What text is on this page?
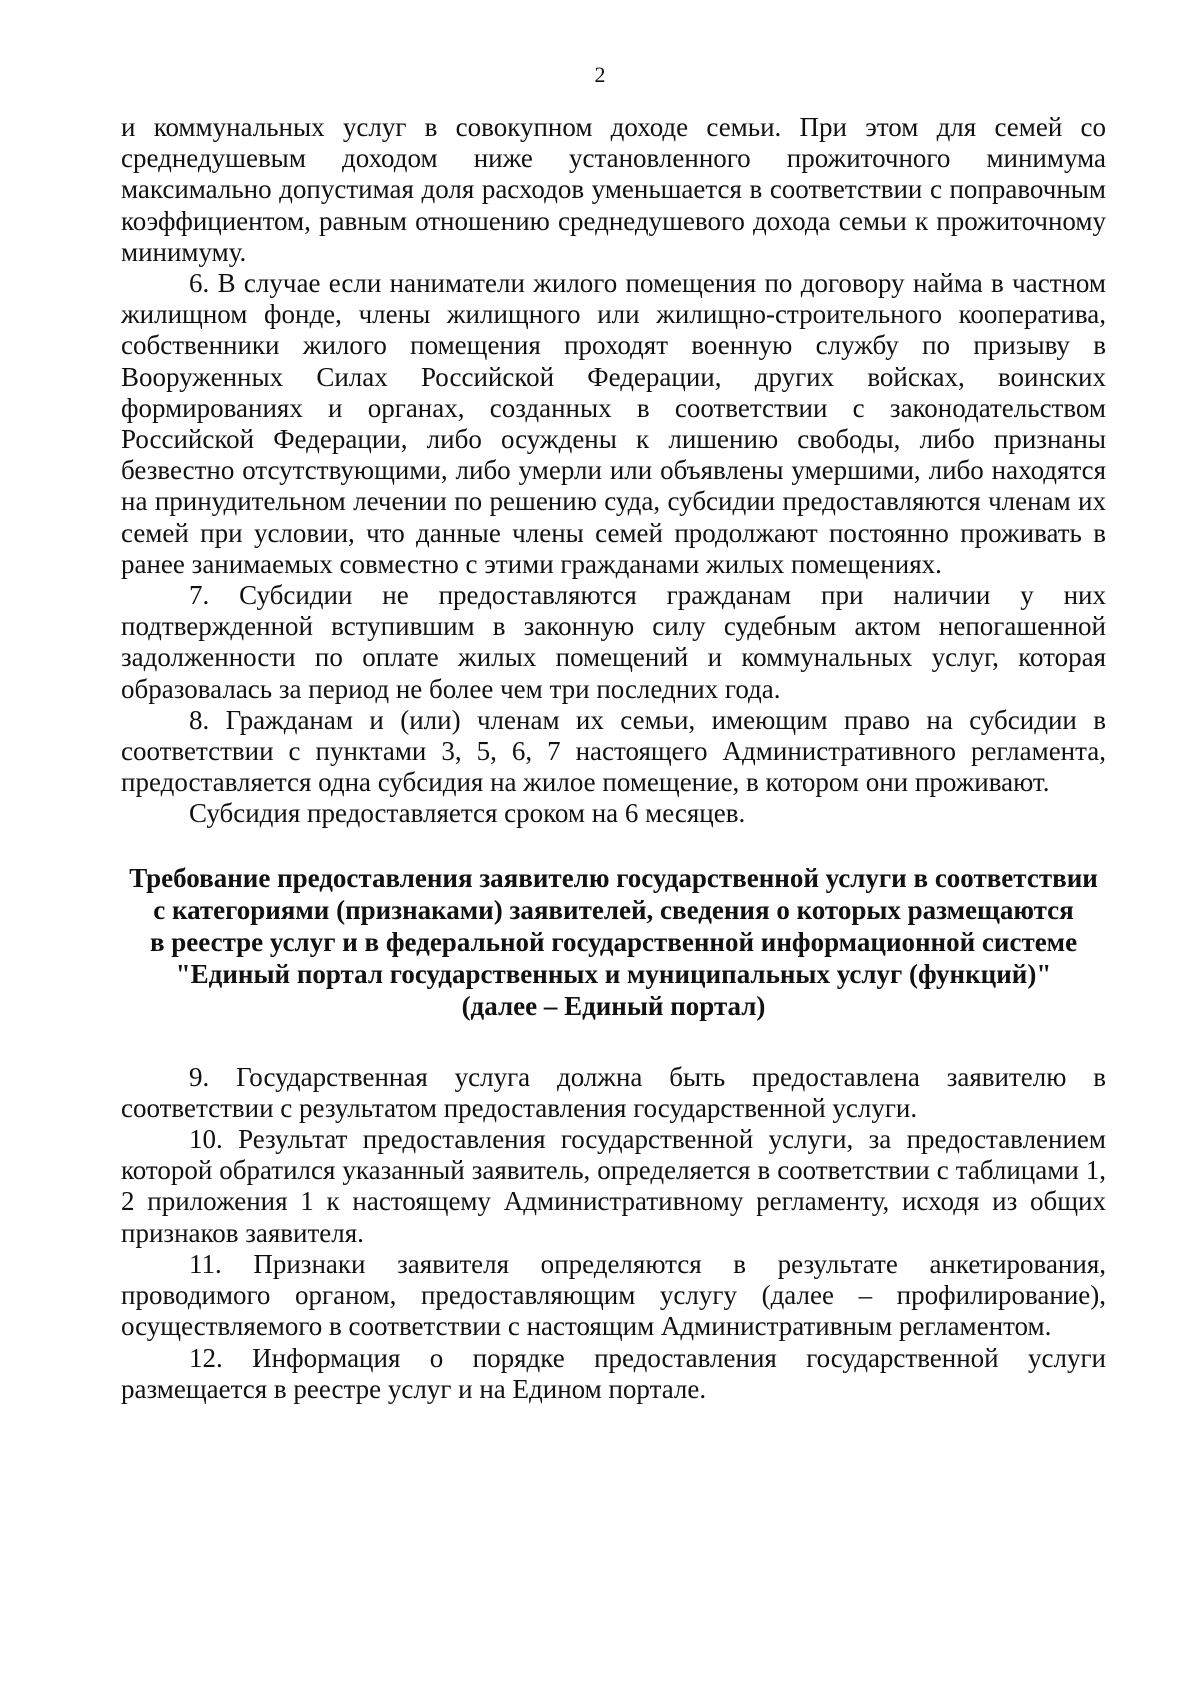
2

и коммунальных услуг в совокупном доходе семьи. При этом для семей со среднедушевым доходом ниже установленного прожиточного минимума максимально допустимая доля расходов уменьшается в соответствии с поправочным коэффициентом, равным отношению среднедушевого дохода семьи к прожиточному минимуму.

6. В случае если наниматели жилого помещения по договору найма в частном жилищном фонде, члены жилищного или жилищно-строительного кооператива, собственники жилого помещения проходят военную службу по призыву в Вооруженных Силах Российской Федерации, других войсках, воинских формированиях и органах, созданных в соответствии с законодательством Российской Федерации, либо осуждены к лишению свободы, либо признаны безвестно отсутствующими, либо умерли или объявлены умершими, либо находятся на принудительном лечении по решению суда, субсидии предоставляются членам их семей при условии, что данные члены семей продолжают постоянно проживать в ранее занимаемых совместно с этими гражданами жилых помещениях.

7. Субсидии не предоставляются гражданам при наличии у них подтвержденной вступившим в законную силу судебным актом непогашенной задолженности по оплате жилых помещений и коммунальных услуг, которая образовалась за период не более чем три последних года.

8. Гражданам и (или) членам их семьи, имеющим право на субсидии в соответствии с пунктами 3, 5, 6, 7 настоящего Административного регламента, предоставляется одна субсидия на жилое помещение, в котором они проживают.

Субсидия предоставляется сроком на 6 месяцев.

Требование предоставления заявителю государственной услуги в соответствии
с категориями (признаками) заявителей, сведения о которых размещаются
в реестре услуг и в федеральной государственной информационной системе
"Единый портал государственных и муниципальных услуг (функций)"
(далее – Единый портал)

9. Государственная услуга должна быть предоставлена заявителю в соответствии с результатом предоставления государственной услуги.

10. Результат предоставления государственной услуги, за предоставлением которой обратился указанный заявитель, определяется в соответствии с таблицами 1, 2 приложения 1 к настоящему Административному регламенту, исходя из общих признаков заявителя.

11. Признаки заявителя определяются в результате анкетирования, проводимого органом, предоставляющим услугу (далее – профилирование), осуществляемого в соответствии с настоящим Административным регламентом.

12. Информация о порядке предоставления государственной услуги размещается в реестре услуг и на Едином портале.
